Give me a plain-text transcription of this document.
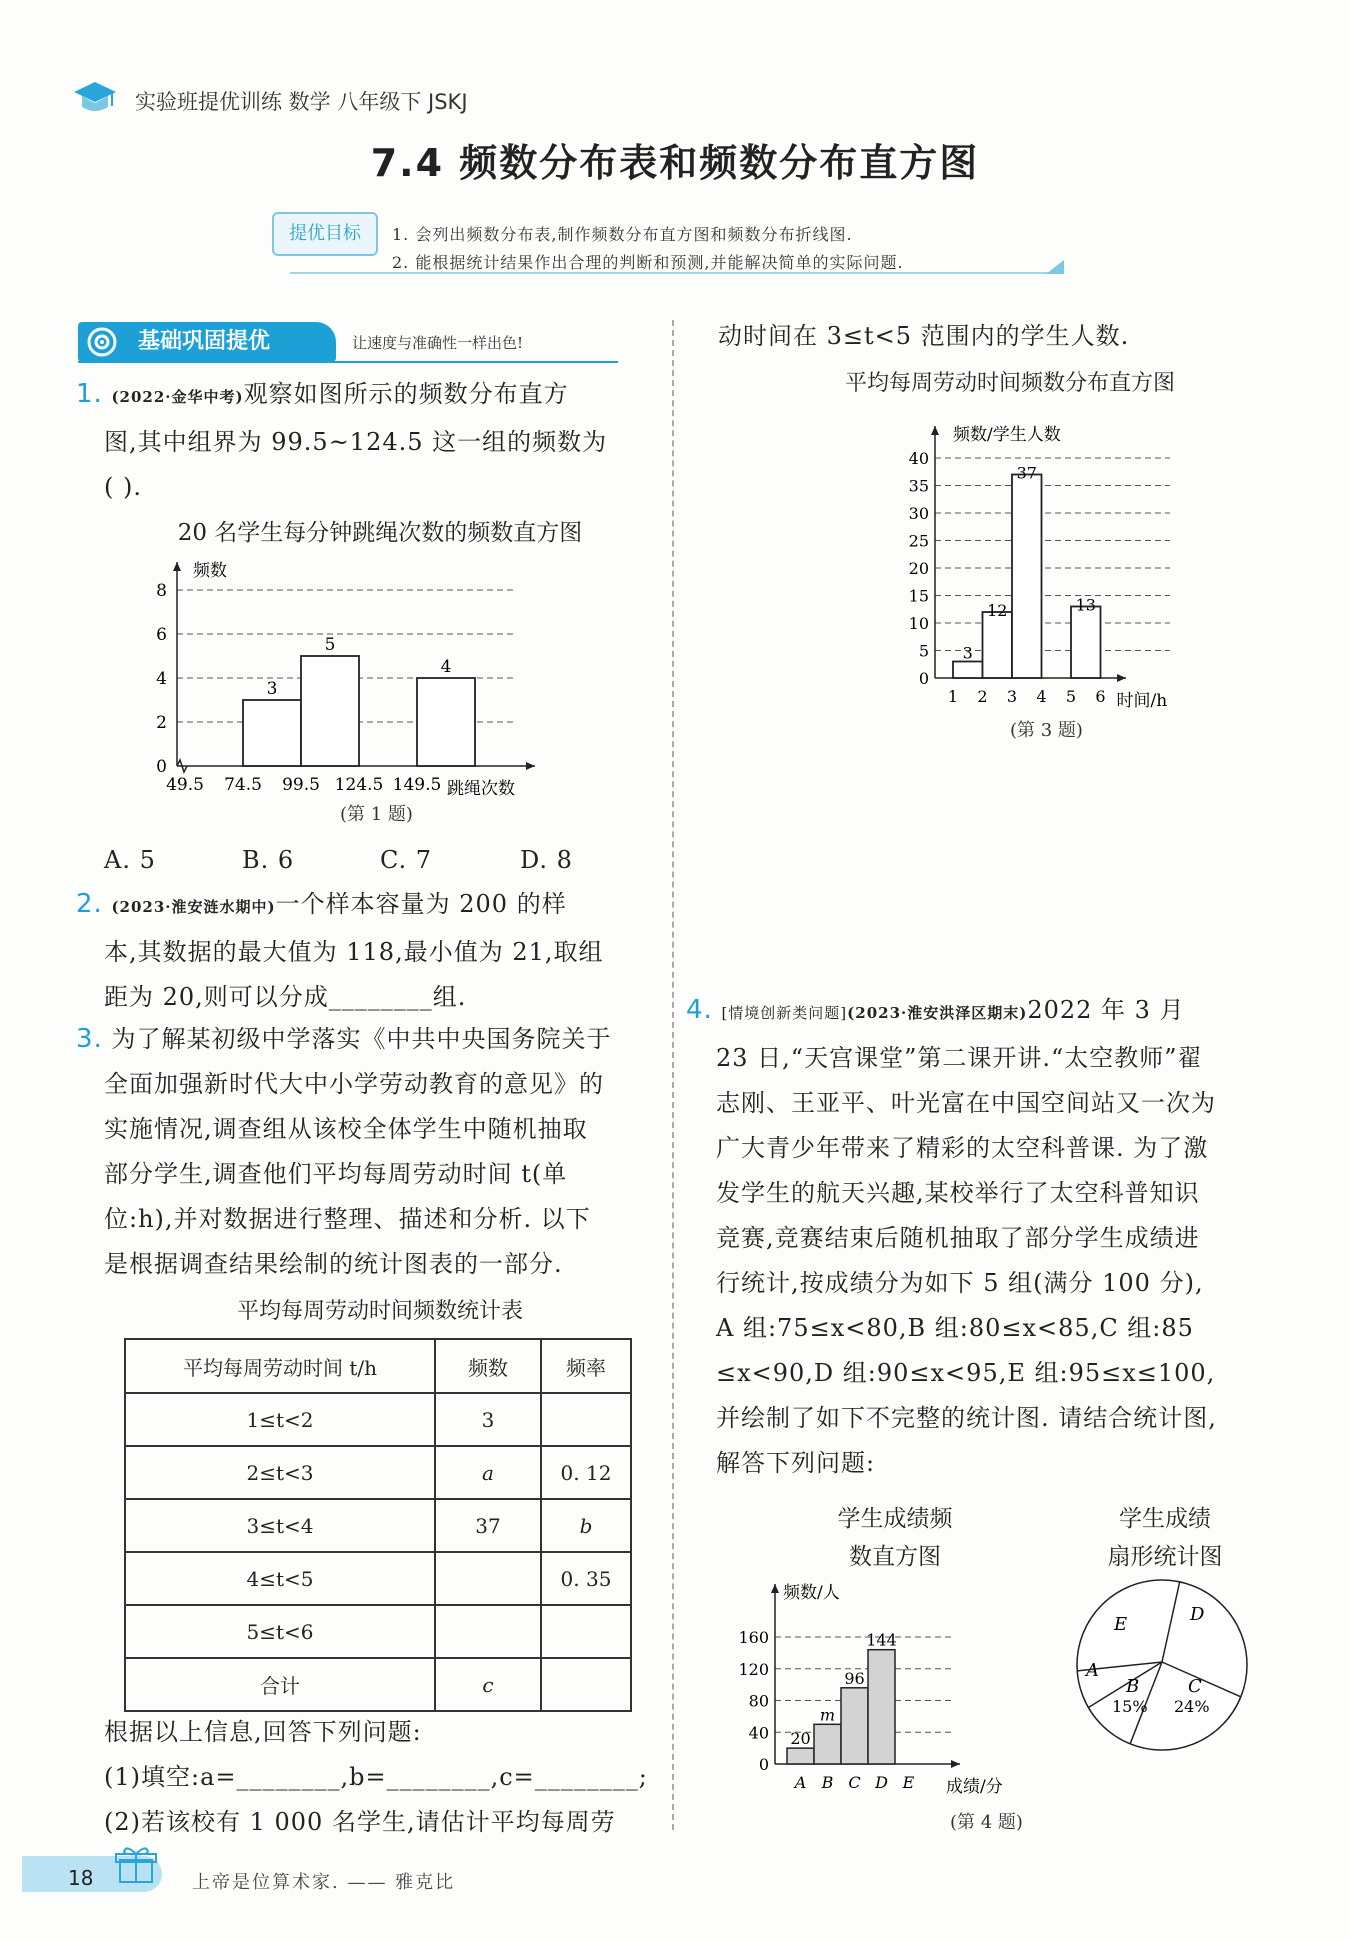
实验班提优训练 数学 八年级下 JSKJ
7.4 频数分布表和频数分布直方图
提优目标	1. 会列出频数分布表,制作频数分布直方图和频数分布折线图.
2. 能根据统计结果作出合理的判断和预测,并能解决简单的实际问题.
基础巩固提优	让速度与准确性一样出色!
1. (2022·金华中考)观察如图所示的频数分布直方
图,其中组界为 99.5~124.5 这一组的频数为
( ).
20 名学生每分钟跳绳次数的频数直方图
0
2
4
6
8
3
5
4
49.5 74.5 99.5 124.5 149.5
频数
跳绳次数
(第 1 题)
A. 5	B. 6	C. 7	D. 8
2. (2023·淮安涟水期中)一个样本容量为 200 的样
本,其数据的最大值为 118,最小值为 21,取组
距为 20,则可以分成________组.
3. 为了解某初级中学落实《中共中央国务院关于
全面加强新时代大中小学劳动教育的意见》的
实施情况,调查组从该校全体学生中随机抽取
部分学生,调查他们平均每周劳动时间 t(单
位:h),并对数据进行整理、描述和分析. 以下
是根据调查结果绘制的统计图表的一部分.
平均每周劳动时间频数统计表
平均每周劳动时间 t/h	频数	频率
1≤t<2	3	
2≤t<3	a	0. 12
3≤t<4	37	b
4≤t<5		0. 35
5≤t<6		
合计	c	
根据以上信息,回答下列问题:
(1)填空:a=________,b=________,c=________;
(2)若该校有 1 000 名学生,请估计平均每周劳
动时间在 3≤t<5 范围内的学生人数.
平均每周劳动时间频数分布直方图
0
5
10
15
20
25
30
35
40
3
12
37
13
1 2 3 4 5 6
频数/学生人数
时间/h
(第 3 题)
4. [情境创新类问题](2023·淮安洪泽区期末)2022 年 3 月
23 日,“天宫课堂”第二课开讲.“太空教师”翟
志刚、王亚平、叶光富在中国空间站又一次为
广大青少年带来了精彩的太空科普课. 为了激
发学生的航天兴趣,某校举行了太空科普知识
竞赛,竞赛结束后随机抽取了部分学生成绩进
行统计,按成绩分为如下 5 组(满分 100 分),
A 组:75≤x<80,B 组:80≤x<85,C 组:85
≤x<90,D 组:90≤x<95,E 组:95≤x≤100,
并绘制了如下不完整的统计图. 请结合统计图,
解答下列问题:
学生成绩频
数直方图
0
40
80
120
160
20
A
m
B
96
C
144
D E
频数/人
成绩/分
学生成绩
扇形统计图
D
C
24%
B
15%
A
E
(第 4 题)
18	上帝是位算术家. —— 雅克比
